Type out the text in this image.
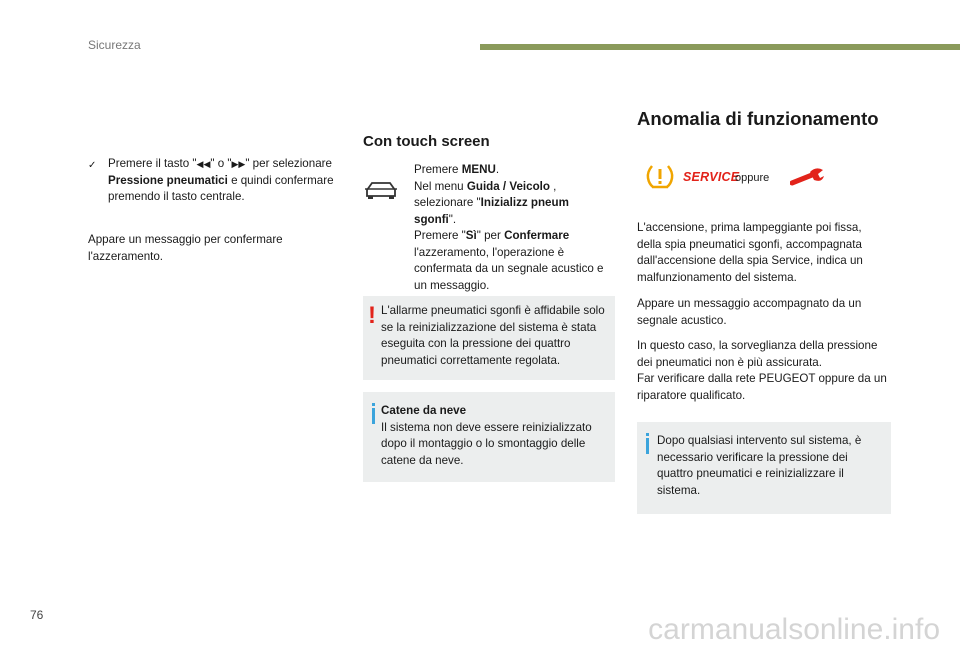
Sicurezza
✓ Premere il tasto "◀◀" o "▶▶" per selezionare Pressione pneumatici e quindi confermare premendo il tasto centrale.
Appare un messaggio per confermare l'azzeramento.
Con touch screen
Premere MENU.
Nel menu Guida / Veicolo ,
selezionare "Inizializz pneum sgonfi".
Premere "Sì" per Confermare l'azzeramento, l'operazione è confermata da un segnale acustico e un messaggio.
! L'allarme pneumatici sgonfi è affidabile solo se la reinizializzazione del sistema è stata eseguita con la pressione dei quattro pneumatici correttamente regolata.
Catene da neve
Il sistema non deve essere reinizializzato dopo il montaggio o lo smontaggio delle catene da neve.
Anomalia di funzionamento
SERVICE
oppure
L'accensione, prima lampeggiante poi fissa, della spia pneumatici sgonfi, accompagnata dall'accensione della spia Service, indica un malfunzionamento del sistema.
Appare un messaggio accompagnato da un segnale acustico.
In questo caso, la sorveglianza della pressione dei pneumatici non è più assicurata.
Far verificare dalla rete PEUGEOT oppure da un riparatore qualificato.
Dopo qualsiasi intervento sul sistema, è necessario verificare la pressione dei quattro pneumatici e reinizializzare il sistema.
76	carmanualsonline.info
